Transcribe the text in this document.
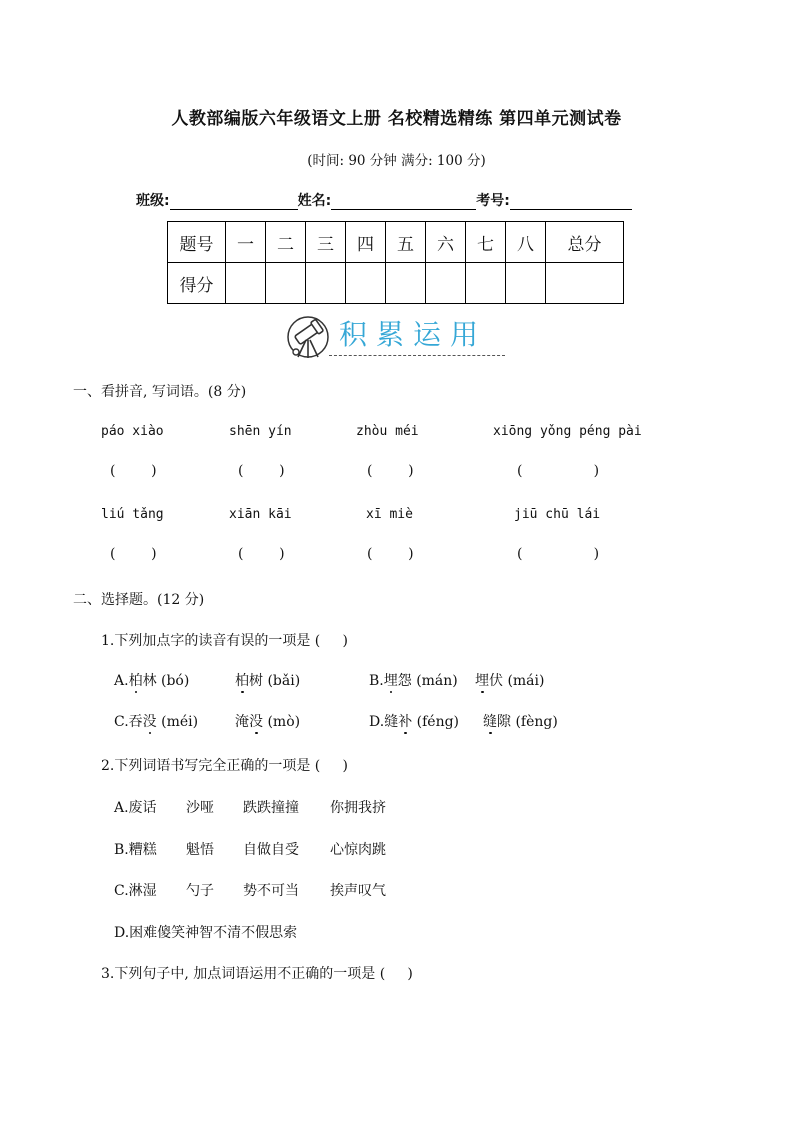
人教部编版六年级语文上册 名校精选精练 第四单元测试卷
(时间: 90 分钟 满分: 100 分)
班级:	姓名:	考号:
题号	一	二	三	四	五	六	七	八	总分
得分									
积累运用
一、看拼音, 写词语。(8 分)
páo xiào	shēn yín	zhòu méi	xiōng yǒng péng pài
(        )	(        )	(        )	(                )
liú tǎng	xiān kāi	xī miè	jiū chū lái
(        )	(        )	(        )	(                )
二、选择题。(12 分)
1.下列加点字的读音有误的一项是 (     )
A.柏林 (bó)	柏树 (bǎi)	B.埋怨 (mán) 埋伏 (mái)
C.吞没 (méi)	淹没 (mò)	D.缝补 (féng) 缝隙 (fèng)
2.下列词语书写完全正确的一项是 (     )
A.废话 沙哑 跌跌撞撞 你拥我挤
B.糟糕 魁悟 自做自受 心惊肉跳
C.淋湿 勺子 势不可当 挨声叹气
D.困难傻笑神智不清不假思索
3.下列句子中, 加点词语运用不正确的一项是 (     )
